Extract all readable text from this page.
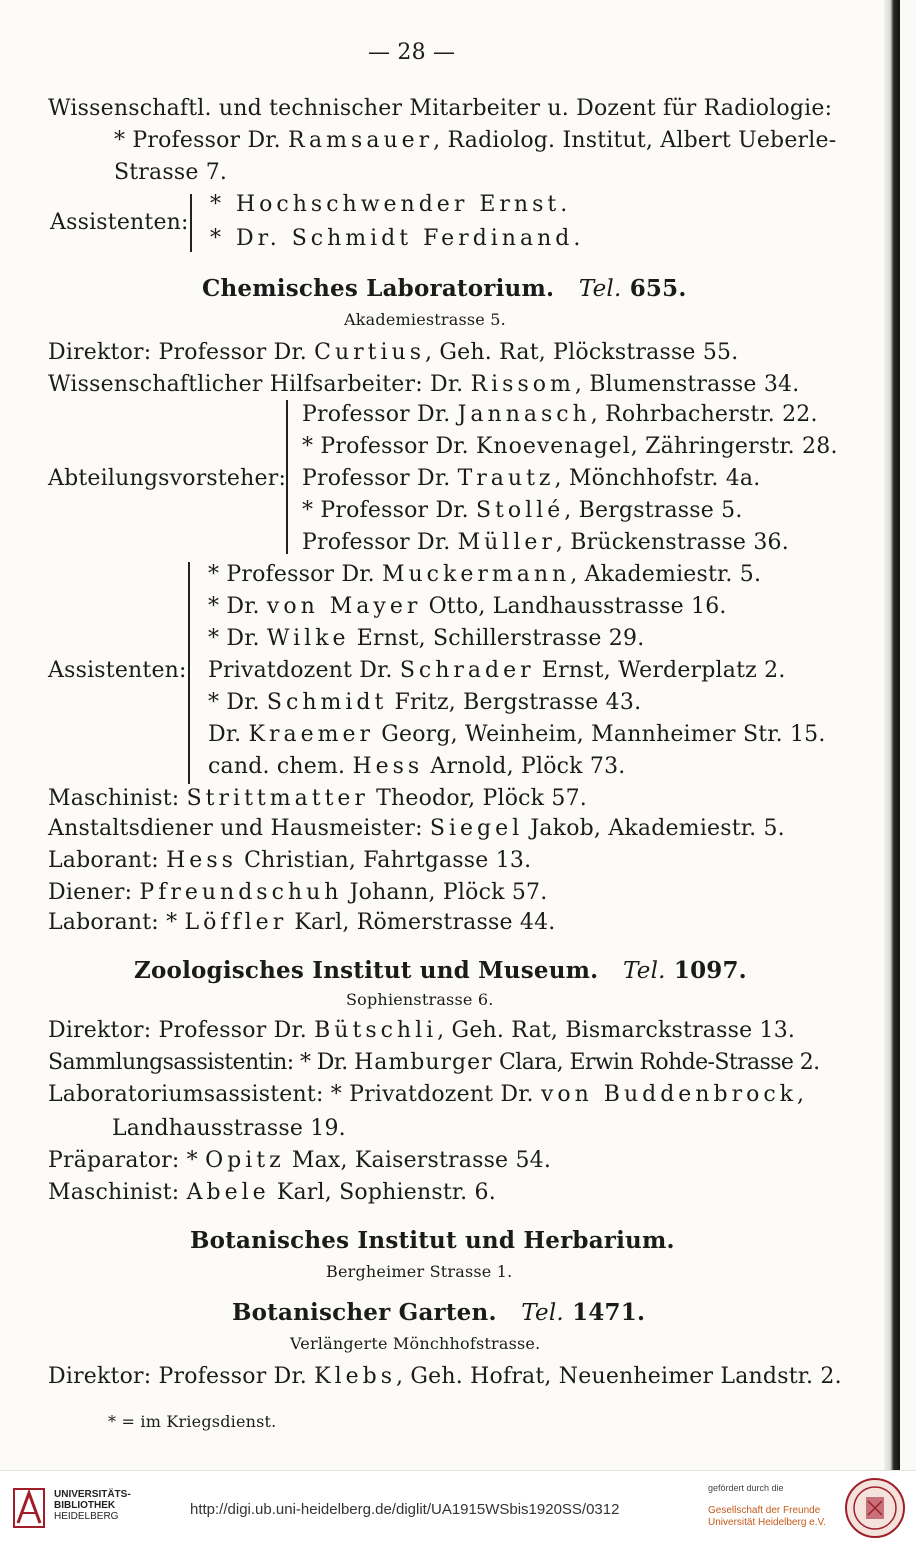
— 28 —
Wissenschaftl. und technischer Mitarbeiter u. Dozent für Radiologie:
* Professor Dr. Ramsauer, Radiolog. Institut, Albert Ueberle-
Strasse 7.
Assistenten:
* Hochschwender Ernst.
* Dr. Schmidt Ferdinand.
Chemisches Laboratorium. Tel. 655.
Akademiestrasse 5.
Direktor: Professor Dr. Curtius, Geh. Rat, Plöckstrasse 55.
Wissenschaftlicher Hilfsarbeiter: Dr. Rissom, Blumenstrasse 34.
Abteilungsvorsteher:
Professor Dr. Jannasch, Rohrbacherstr. 22.
* Professor Dr. Knoevenagel, Zähringerstr. 28.
Professor Dr. Trautz, Mönchhofstr. 4a.
* Professor Dr. Stollé, Bergstrasse 5.
Professor Dr. Müller, Brückenstrasse 36.
Assistenten:
* Professor Dr. Muckermann, Akademiestr. 5.
* Dr. von Mayer Otto, Landhausstrasse 16.
* Dr. Wilke Ernst, Schillerstrasse 29.
Privatdozent Dr. Schrader Ernst, Werderplatz 2.
* Dr. Schmidt Fritz, Bergstrasse 43.
Dr. Kraemer Georg, Weinheim, Mannheimer Str. 15.
cand. chem. Hess Arnold, Plöck 73.
Maschinist: Strittmatter Theodor, Plöck 57.
Anstaltsdiener und Hausmeister: Siegel Jakob, Akademiestr. 5.
Laborant: Hess Christian, Fahrtgasse 13.
Diener: Pfreundschuh Johann, Plöck 57.
Laborant: * Löffler Karl, Römerstrasse 44.
Zoologisches Institut und Museum. Tel. 1097.
Sophienstrasse 6.
Direktor: Professor Dr. Bütschli, Geh. Rat, Bismarckstrasse 13.
Sammlungsassistentin: * Dr. Hamburger Clara, Erwin Rohde-Strasse 2.
Laboratoriumsassistent: * Privatdozent Dr. von Buddenbrock,
Landhausstrasse 19.
Präparator: * Opitz Max, Kaiserstrasse 54.
Maschinist: Abele Karl, Sophienstr. 6.
Botanisches Institut und Herbarium.
Bergheimer Strasse 1.
Botanischer Garten. Tel. 1471.
Verlängerte Mönchhofstrasse.
Direktor: Professor Dr. Klebs, Geh. Hofrat, Neuenheimer Landstr. 2.
* = im Kriegsdienst.
UNIVERSITÄTS-
BIBLIOTHEK
HEIDELBERG	http://digi.ub.uni-heidelberg.de/diglit/UA1915WSbis1920SS/0312
gefördert durch die
Gesellschaft der Freunde
Universität Heidelberg e.V.
